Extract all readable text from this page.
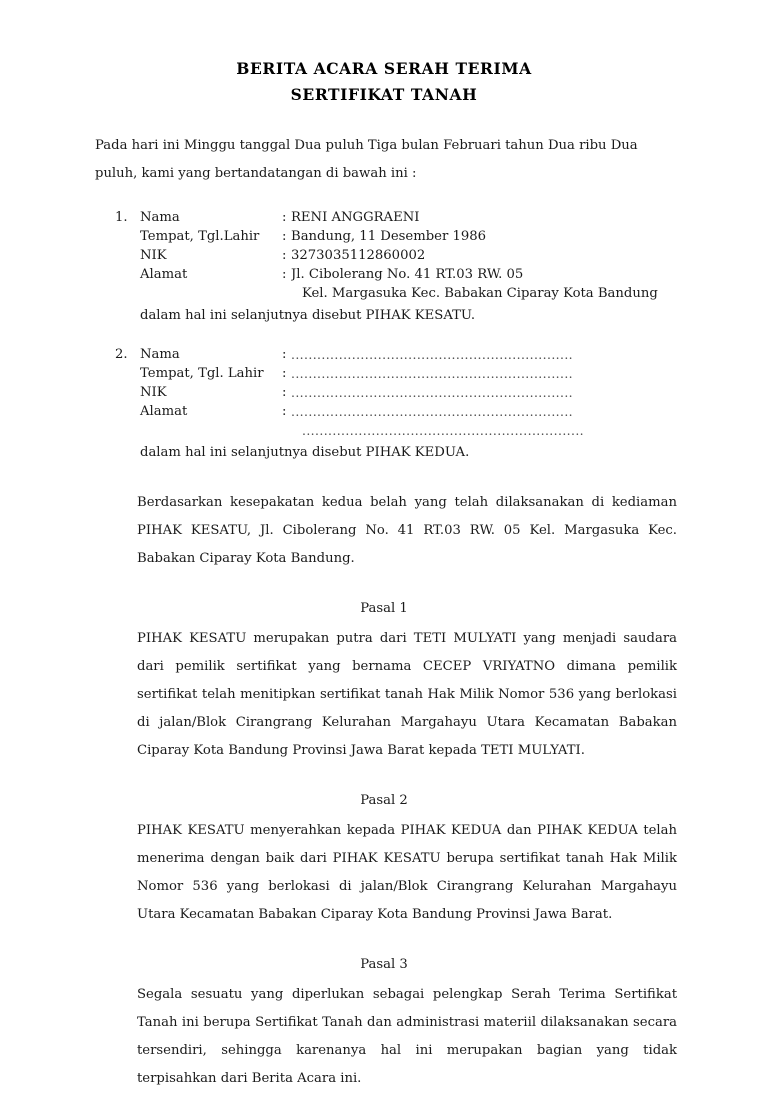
BERITA ACARA SERAH TERIMA
SERTIFIKAT TANAH
Pada hari ini Minggu tanggal Dua puluh Tiga bulan Februari tahun Dua ribu Dua puluh, kami yang bertandatangan di bawah ini :
1. Nama	: RENI ANGGRAENI
Tempat, Tgl.Lahir	: Bandung, 11 Desember 1986
NIK	: 3273035112860002
Alamat	: Jl. Cibolerang No. 41 RT.03 RW. 05
Kel. Margasuka Kec. Babakan Ciparay Kota Bandung
dalam hal ini selanjutnya disebut PIHAK KESATU.
2. Nama	: .................................................................
Tempat, Tgl. Lahir	: .................................................................
NIK	: .................................................................
Alamat	: .................................................................
.................................................................
dalam hal ini selanjutnya disebut PIHAK KEDUA.
Berdasarkan kesepakatan kedua belah yang telah dilaksanakan di kediaman PIHAK KESATU, Jl. Cibolerang No. 41 RT.03 RW. 05 Kel. Margasuka Kec. Babakan Ciparay Kota Bandung.
Pasal 1
PIHAK KESATU merupakan putra dari TETI MULYATI yang menjadi saudara dari pemilik sertifikat yang bernama CECEP VRIYATNO dimana pemilik sertifikat telah menitipkan sertifikat tanah Hak Milik Nomor 536 yang berlokasi di jalan/Blok Cirangrang Kelurahan Margahayu Utara Kecamatan Babakan Ciparay Kota Bandung Provinsi Jawa Barat kepada TETI MULYATI.
Pasal 2
PIHAK KESATU menyerahkan kepada PIHAK KEDUA dan PIHAK KEDUA telah menerima dengan baik dari PIHAK KESATU berupa sertifikat tanah Hak Milik Nomor 536 yang berlokasi di jalan/Blok Cirangrang Kelurahan Margahayu Utara Kecamatan Babakan Ciparay Kota Bandung Provinsi Jawa Barat.
Pasal 3
Segala sesuatu yang diperlukan sebagai pelengkap Serah Terima Sertifikat Tanah ini berupa Sertifikat Tanah dan administrasi materiil dilaksanakan secara tersendiri, sehingga karenanya hal ini merupakan bagian yang tidak terpisahkan dari Berita Acara ini.
